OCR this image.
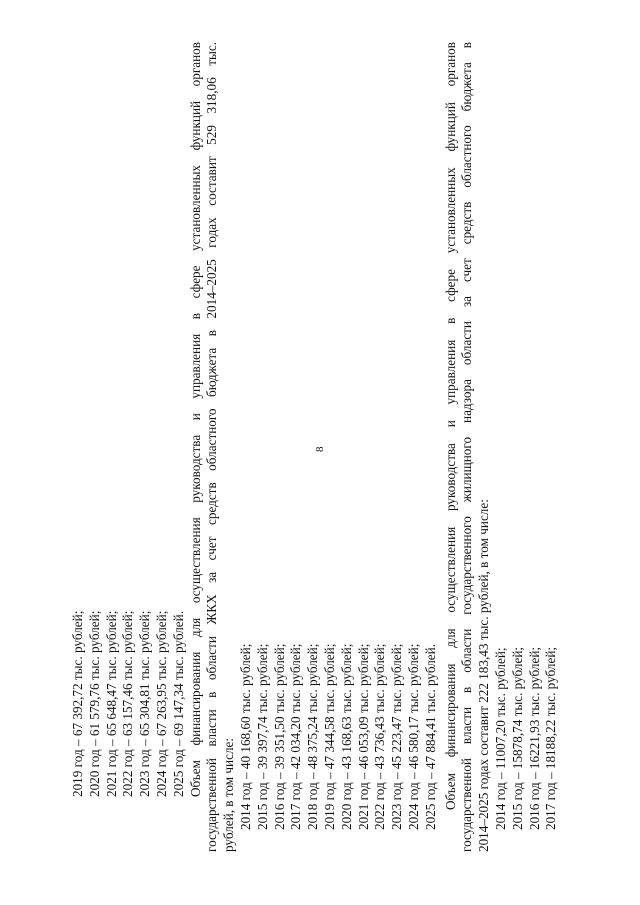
8
2019 год – 67 392,72 тыс. рублей; 2020 год – 61 579,76 тыс. рублей; 2021 год – 65 648,47 тыс. рублей; 2022 год – 63 157,46 тыс. рублей; 2023 год – 65 304,81 тыс. рублей; 2024 год – 67 263,95 тыс. рублей; 2025 год – 69 147,34 тыс. рублей. Объем финансирования для осуществления руководства и управления в сфере установленных функций органов государственной власти в области ЖКХ за счет средств областного бюджета в 2014–2025 годах составит 529 318,06 тыс. рублей, в том числе: 2014 год – 40 168,60 тыс. рублей; 2015 год – 39 397,74 тыс. рублей; 2016 год – 39 351,50 тыс. рублей; 2017 год – 42 034,20 тыс. рублей; 2018 год – 48 375,24 тыс. рублей; 2019 год – 47 344,58 тыс. рублей; 2020 год – 43 168,63 тыс. рублей; 2021 год – 46 053,09 тыс. рублей; 2022 год – 43 736,43 тыс. рублей; 2023 год – 45 223,47 тыс. рублей; 2024 год – 46 580,17 тыс. рублей; 2025 год – 47 884,41 тыс. рублей. Объем финансирования для осуществления руководства и управления в сфере установленных функций органов государственной власти в области государственного жилищного надзора области за счет средств областного бюджета в 2014–2025 годах составит 222 183,43 тыс. рублей, в том числе: 2014 год – 11007,20 тыс. рублей; 2015 год – 15878,74 тыс. рублей; 2016 год – 16221,93 тыс. рублей; 2017 год – 18188,22 тыс. рублей;
